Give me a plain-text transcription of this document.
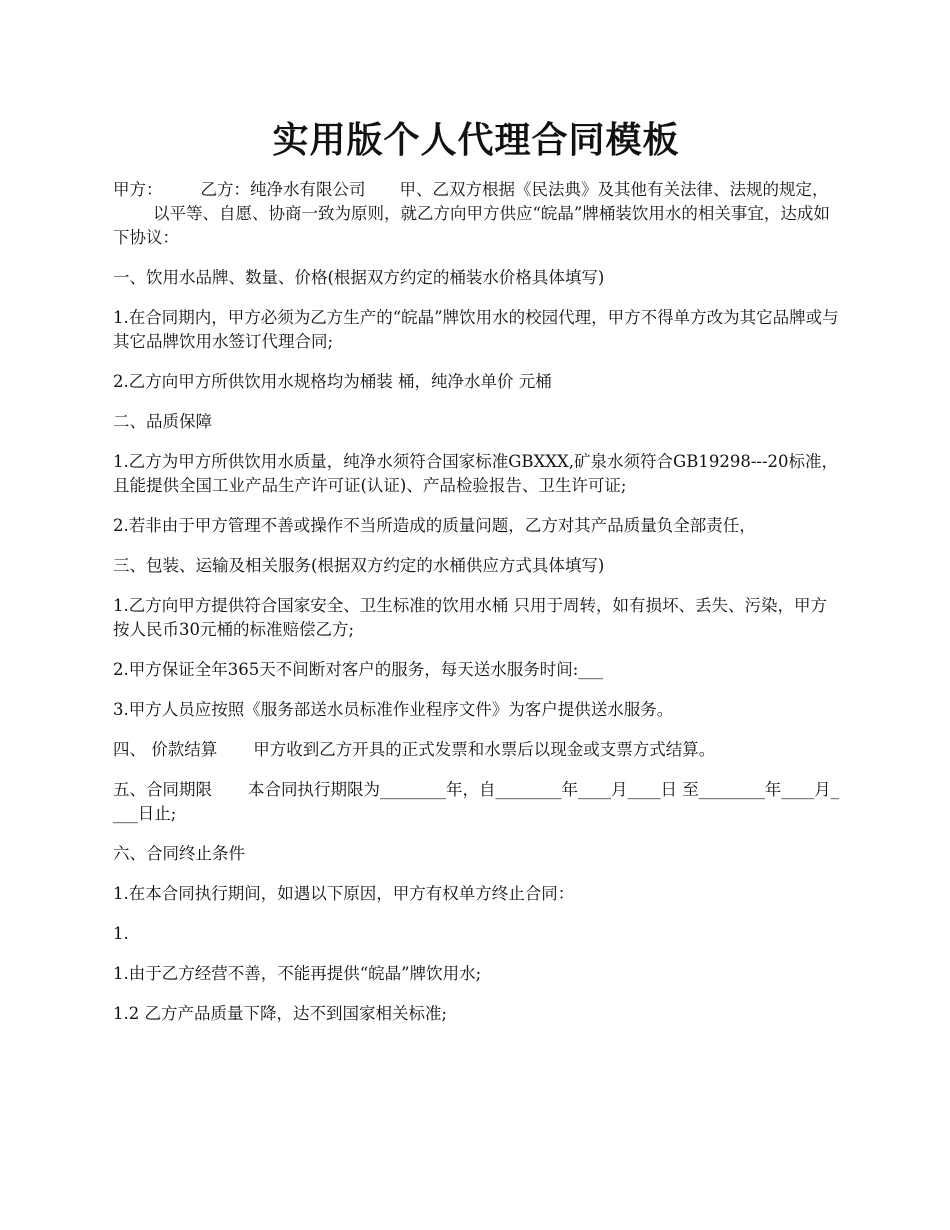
实用版个人代理合同模板

甲方： 乙方：纯净水有限公司 甲、乙双方根据《民法典》及其他有关法律、法规的规定，以平等、自愿、协商一致为原则，就乙方向甲方供应“皖晶”牌桶装饮用水的相关事宜，达成如下协议：

一、饮用水品牌、数量、价格(根据双方约定的桶装水价格具体填写)

1.在合同期内，甲方必须为乙方生产的“皖晶”牌饮用水的校园代理，甲方不得单方改为其它品牌或与其它品牌饮用水签订代理合同;

2.乙方向甲方所供饮用水规格均为桶装 桶，纯净水单价 元桶

二、品质保障

1.乙方为甲方所供饮用水质量，纯净水须符合国家标准GBXXX,矿泉水须符合GB19298---20标准，且能提供全国工业产品生产许可证(认证)、产品检验报告、卫生许可证;

2.若非由于甲方管理不善或操作不当所造成的质量问题，乙方对其产品质量负全部责任，

三、包装、运输及相关服务(根据双方约定的水桶供应方式具体填写)

1.乙方向甲方提供符合国家安全、卫生标准的饮用水桶 只用于周转，如有损坏、丢失、污染，甲方按人民币30元桶的标准赔偿乙方;

2.甲方保证全年365天不间断对客户的服务，每天送水服务时间:___

3.甲方人员应按照《服务部送水员标准作业程序文件》为客户提供送水服务。

四、 价款结算 甲方收到乙方开具的正式发票和水票后以现金或支票方式结算。

五、合同期限 本合同执行期限为________年，自________年____月____日 至________年____月____日止;

六、合同终止条件

1.在本合同执行期间，如遇以下原因，甲方有权单方终止合同：

1.

1.由于乙方经营不善，不能再提供“皖晶”牌饮用水;

1.2 乙方产品质量下降，达不到国家相关标准;
